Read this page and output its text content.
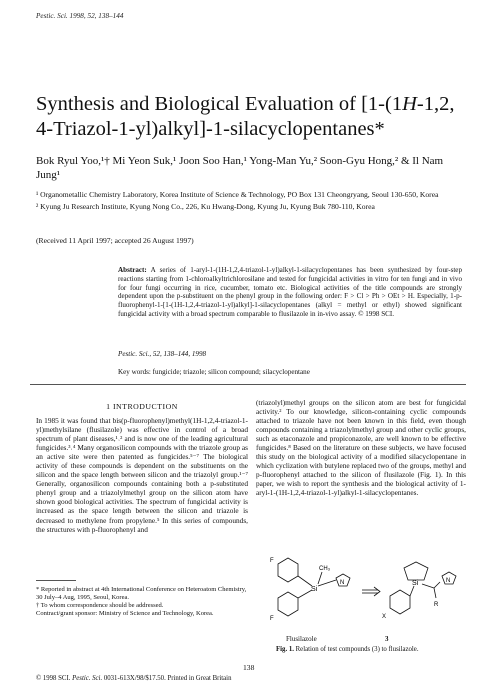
Pestic. Sci. 1998, 52, 138–144
Synthesis and Biological Evaluation of [1-(1H-1,2, 4-Triazol-1-yl)alkyl]-1-silacyclopentanes*
Bok Ryul Yoo,¹† Mi Yeon Suk,¹ Joon Soo Han,¹ Yong-Man Yu,² Soon-Gyu Hong,² & Il Nam Jung¹

¹ Organometallic Chemistry Laboratory, Korea Institute of Science & Technology, PO Box 131 Cheongryang, Seoul 130-650, Korea

² Kyung Ju Research Institute, Kyung Nong Co., 226, Ku Hwang-Dong, Kyung Ju, Kyung Buk 780-110, Korea

(Received 11 April 1997; accepted 26 August 1997)
Abstract: A series of 1-aryl-1-(1H-1,2,4-triazol-1-yl)alkyl-1-silacyclopentanes has been synthesized by four-step reactions starting from 1-chloroalkyltrichlorosilane and tested for fungicidal activities in vitro for ten fungi and in vivo for four fungi occurring in rice, cucumber, tomato etc. Biological activities of the title compounds are strongly dependent upon the p-substituent on the phenyl group in the following order: F > Cl > Ph > OEt > H. Especially, 1-p-fluorophenyl-1-[1-(1H-1,2,4-triazol-1-yl)alkyl]-1-silacyclopentanes (alkyl = methyl or ethyl) showed significant fungicidal activity with a broad spectrum comparable to flusilazole in in-vivo assay. © 1998 SCI.
Pestic. Sci., 52, 138–144, 1998
Key words: fungicide; triazole; silicon compound; silacyclopentane
1 INTRODUCTION

In 1985 it was found that bis(p-fluorophenyl)methyl(1H-1,2,4-triazol-1-yl)methylsilane (flusilazole) was effective in control of a broad spectrum of plant diseases,¹˒² and is now one of the leading agricultural fungicides.³˒⁴ Many organosilicon compounds with the triazole group as an active site were then patented as fungicides.⁵⁻⁷ The biological activity of these compounds is dependent on the substituents on the silicon and the space length between silicon and the triazolyl group.¹⁻⁷ Generally, organosilicon compounds containing both a p-substituted phenyl group and a triazolylmethyl group on the silicon atom have shown good biological activities. The spectrum of fungicidal activity is increased as the space length between the silicon and triazole is decreased to methylene from propylene.⁵ In this series of compounds, the structures with p-fluorophenyl and

(triazolyl)methyl groups on the silicon atom are best for fungicidal activity.² To our knowledge, silicon-containing cyclic compounds attached to triazole have not been known in this field, even though compounds containing a triazolylmethyl group and other cyclic groups, such as etaconazole and propiconazole, are well known to be effective fungicides.⁸ Based on the literature on these subjects, we have focused this study on the biological activity of a modified silacyclopentane in which cyclization with butylene replaced two of the groups, methyl and p-fluorophenyl attached to the silicon of flusilazole (Fig. 1). In this paper, we wish to report the synthesis and the biological activity of 1-aryl-1-(1H-1,2,4-triazol-1-yl)alkyl-1-silacyclopentanes.

* Reported in abstract at 4th International Conference on Heteroatom Chemistry, 30 July–4 Aug, 1995, Seoul, Korea.

† To whom correspondence should be addressed.

Contract/grant sponsor: Ministry of Science and Technology, Korea.

Si
CH₃
N
F
F
Si	N
X
R
Flusilazole	3
Fig. 1. Relation of test compounds (3) to flusilazole.
138
© 1998 SCI. Pestic. Sci. 0031-613X/98/$17.50. Printed in Great Britain
